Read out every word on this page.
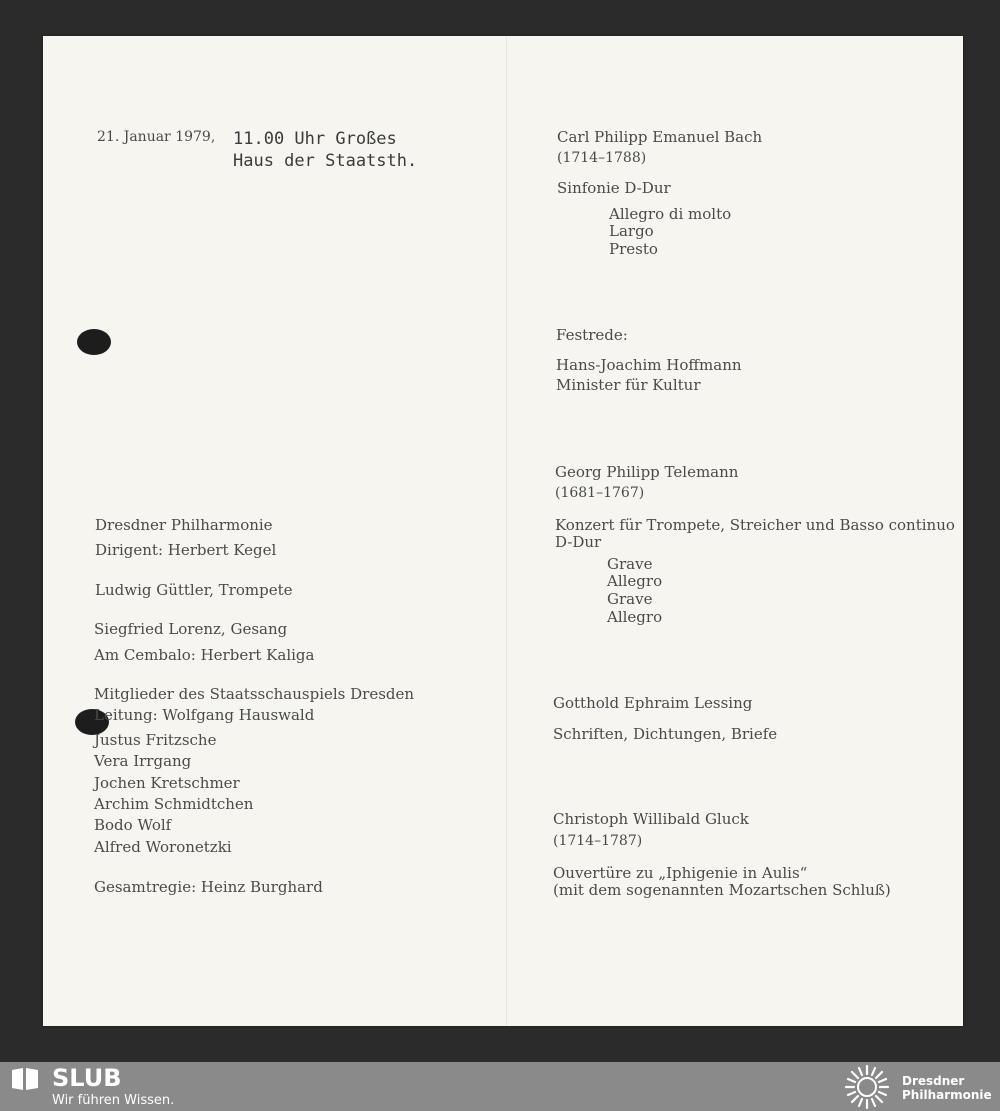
21. Januar 1979, 11.00 Uhr Großes
Haus der Staatsth.
Dresdner Philharmonie
Dirigent: Herbert Kegel
Ludwig Güttler, Trompete
Siegfried Lorenz, Gesang
Am Cembalo: Herbert Kaliga
Mitglieder des Staatsschauspiels Dresden
Leitung: Wolfgang Hauswald
Justus Fritzsche
Vera Irrgang
Jochen Kretschmer
Archim Schmidtchen
Bodo Wolf
Alfred Woronetzki
Gesamtregie: Heinz Burghard
Carl Philipp Emanuel Bach
(1714–1788)
Sinfonie D-Dur
Allegro di molto
Largo
Presto
Festrede:
Hans-Joachim Hoffmann
Minister für Kultur
Georg Philipp Telemann
(1681–1767)
Konzert für Trompete, Streicher und Basso continuo
D-Dur
Grave
Allegro
Grave
Allegro
Gotthold Ephraim Lessing
Schriften, Dichtungen, Briefe
Christoph Willibald Gluck
(1714–1787)
Ouvertüre zu „Iphigenie in Aulis“
(mit dem sogenannten Mozartschen Schluß)
SLUB
Wir führen Wissen.
Dresdner
Philharmonie
